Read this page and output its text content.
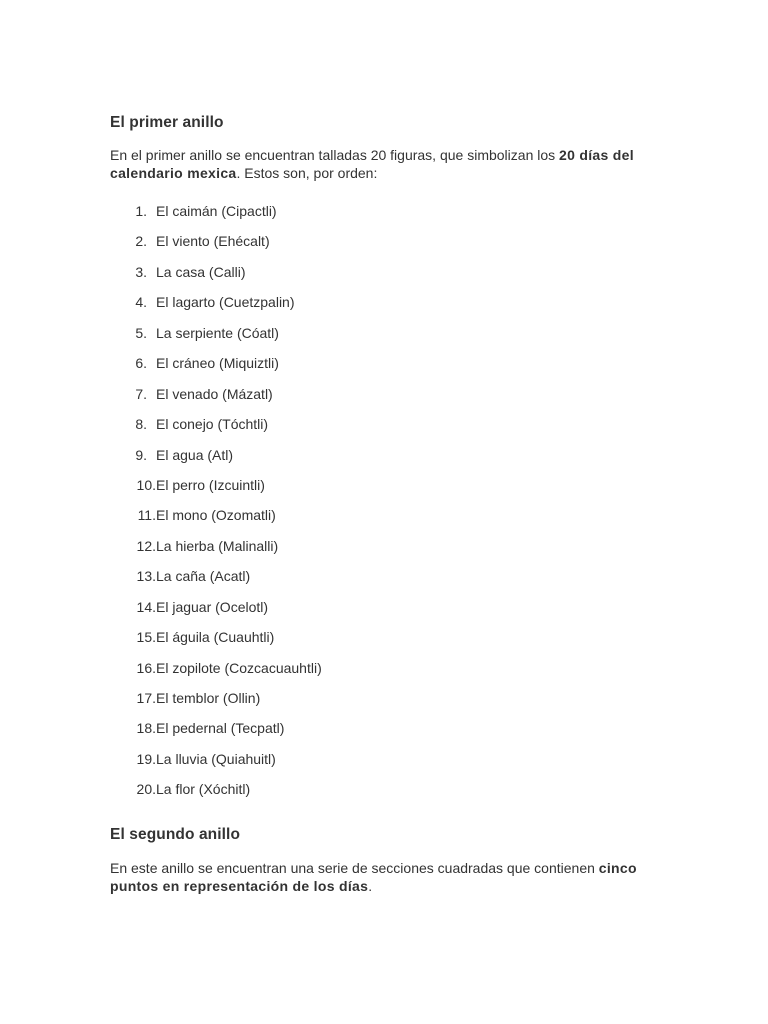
El primer anillo

En el primer anillo se encuentran talladas 20 figuras, que simbolizan los 20 días del calendario mexica. Estos son, por orden:

1. El caimán (Cipactli)
2. El viento (Ehécalt)
3. La casa (Calli)
4. El lagarto (Cuetzpalin)
5. La serpiente (Cóatl)
6. El cráneo (Miquiztli)
7. El venado (Mázatl)
8. El conejo (Tóchtli)
9. El agua (Atl)
10.El perro (Izcuintli)
11.El mono (Ozomatli)
12.La hierba (Malinalli)
13.La caña (Acatl)
14.El jaguar (Ocelotl)
15.El águila (Cuauhtli)
16.El zopilote (Cozcacuauhtli)
17.El temblor (Ollin)
18.El pedernal (Tecpatl)
19.La lluvia (Quiahuitl)
20.La flor (Xóchitl)
El segundo anillo

En este anillo se encuentran una serie de secciones cuadradas que contienen cinco puntos en representación de los días.
